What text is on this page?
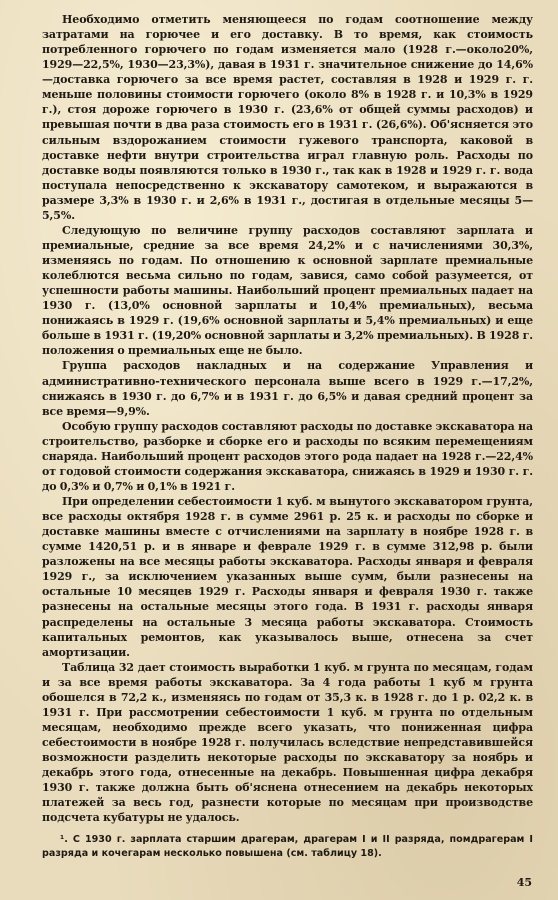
Необходимо отметить меняющееся по годам соотношение между затратами на горючее и его доставку. В то время, как стоимость потребленного горючего по годам изменяется мало (1928 г.—около20%, 1929—22,5%, 1930—23,3%), давая в 1931 г. значительное снижение до 14,6%—доставка горючего за все время растет, составляя в 1928 и 1929 г. г. меньше половины стоимости горючего (около 8% в 1928 г. и 10,3% в 1929 г.), стоя дороже горючего в 1930 г. (23,6% от общей суммы расходов) и превышая почти в два раза стоимость его в 1931 г. (26,6%). Об'ясняется это сильным вздорожанием стоимости гужевого транспорта, каковой в доставке нефти внутри строительства играл главную роль. Расходы по доставке воды появляются только в 1930 г., так как в 1928 и 1929 г. г. вода поступала непосредственно к экскаватору самотеком, и выражаются в размере 3,3% в 1930 г. и 2,6% в 1931 г., достигая в отдельные месяцы 5—5,5%.

Следующую по величине группу расходов составляют зарплата и премиальные, средние за все время 24,2% и с начислениями 30,3%, изменяясь по годам. По отношению к основной зарплате премиальные колеблются весьма сильно по годам, завися, само собой разумеется, от успешности работы машины. Наибольший процент премиальных падает на 1930 г. (13,0% основной зарплаты и 10,4% премиальных), весьма понижаясь в 1929 г. (19,6% основной зарплаты и 5,4% премиальных) и еще больше в 1931 г. (19,20% основной зарплаты и 3,2% премиальных). В 1928 г. положения о премиальных еще не было.

Группа расходов накладных и на содержание Управления и административно-технического персонала выше всего в 1929 г.—17,2%, снижаясь в 1930 г. до 6,7% и в 1931 г. до 6,5% и давая средний процент за все время—9,9%.

Особую группу расходов составляют расходы по доставке экскаватора на строительство, разборке и сборке его и расходы по всяким перемещениям снаряда. Наибольший процент расходов этого рода падает на 1928 г.—22,4% от годовой стоимости содержания экскаватора, снижаясь в 1929 и 1930 г. г. до 0,3% и 0,7% и 0,1% в 1921 г.

При определении себестоимости 1 куб. м вынутого экскаватором грунта, все расходы октября 1928 г. в сумме 2961 р. 25 к. и расходы по сборке и доставке машины вместе с отчислениями на зарплату в ноябре 1928 г. в сумме 1420,51 р. и в январе и феврале 1929 г. в сумме 312,98 р. были разложены на все месяцы работы экскаватора. Расходы января и февраля 1929 г., за исключением указанных выше сумм, были разнесены на остальные 10 месяцев 1929 г. Расходы января и февраля 1930 г. также разнесены на остальные месяцы этого года. В 1931 г. расходы января распределены на остальные 3 месяца работы экскаватора. Стоимость капитальных ремонтов, как указывалось выше, отнесена за счет амортизации.

Таблица 32 дает стоимость выработки 1 куб. м грунта по месяцам, годам и за все время работы экскаватора. За 4 года работы 1 куб м грунта обошелся в 72,2 к., изменяясь по годам от 35,3 к. в 1928 г. до 1 р. 02,2 к. в 1931 г. При рассмотрении себестоимости 1 куб. м грунта по отдельным месяцам, необходимо прежде всего указать, что пониженная цифра себестоимости в ноябре 1928 г. получилась вследствие непредставившейся возможности разделить некоторые расходы по экскаватору за ноябрь и декабрь этого года, отнесенные на декабрь. Повышенная цифра декабря 1930 г. также должна быть об'яснена отнесением на декабрь некоторых платежей за весь год, разнести которые по месяцам при производстве подсчета кубатуры не удалось.

¹. С 1930 г. зарплата старшим драгерам, драгерам I и II разряда, помдрагерам I разряда и кочегарам несколько повышена (см. таблицу 18).

45
